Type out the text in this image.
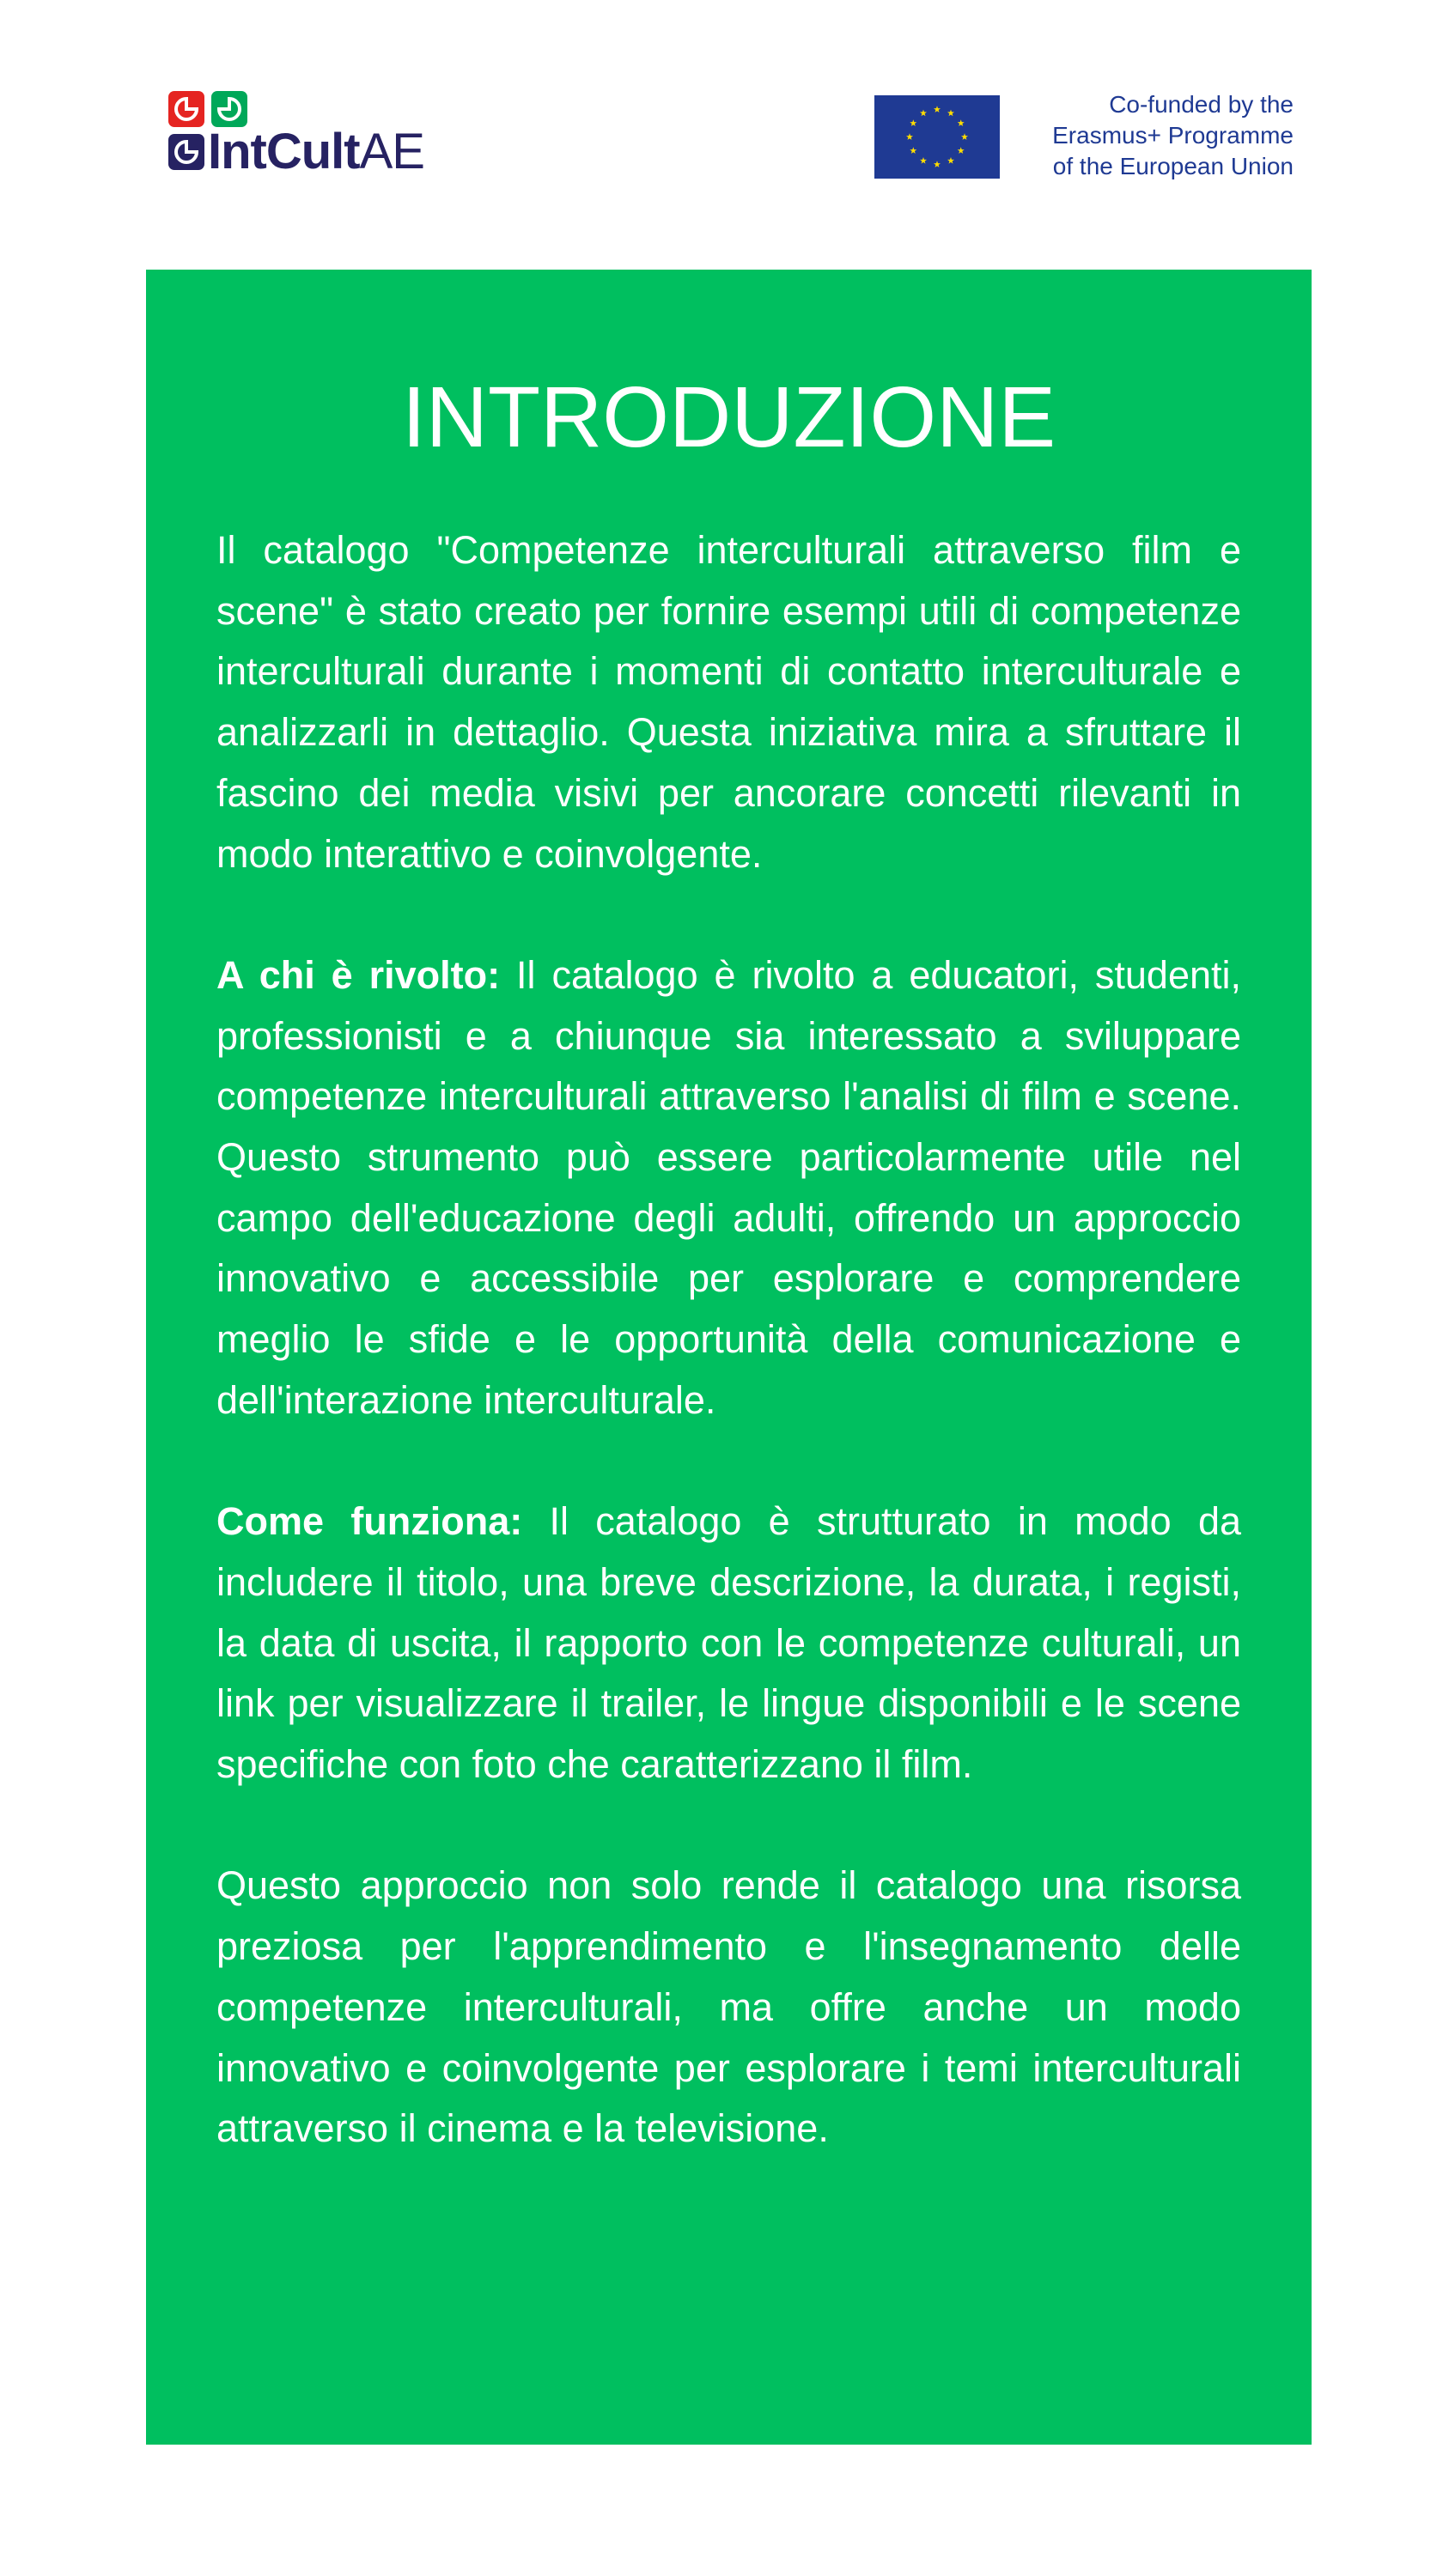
IntCultAE
Co-funded by the
Erasmus+ Programme
of the European Union
INTRODUZIONE

Il catalogo "Competenze interculturali attraverso film e scene" è stato creato per fornire esempi utili di competenze interculturali durante i momenti di contatto interculturale e analizzarli in dettaglio. Questa iniziativa mira a sfruttare il fascino dei media visivi per ancorare concetti rilevanti in modo interattivo e coinvolgente.

A chi è rivolto: Il catalogo è rivolto a educatori, studenti, professionisti e a chiunque sia interessato a sviluppare competenze interculturali attraverso l'analisi di film e scene. Questo strumento può essere particolarmente utile nel campo dell'educazione degli adulti, offrendo un approccio innovativo e accessibile per esplorare e comprendere meglio le sfide e le opportunità della comunicazione e dell'interazione interculturale.

Come funziona: Il catalogo è strutturato in modo da includere il titolo, una breve descrizione, la durata, i registi, la data di uscita, il rapporto con le competenze culturali, un link per visualizzare il trailer, le lingue disponibili e le scene specifiche con foto che caratterizzano il film.

Questo approccio non solo rende il catalogo una risorsa preziosa per l'apprendimento e l'insegnamento delle competenze interculturali, ma offre anche un modo innovativo e coinvolgente per esplorare i temi interculturali attraverso il cinema e la televisione.
